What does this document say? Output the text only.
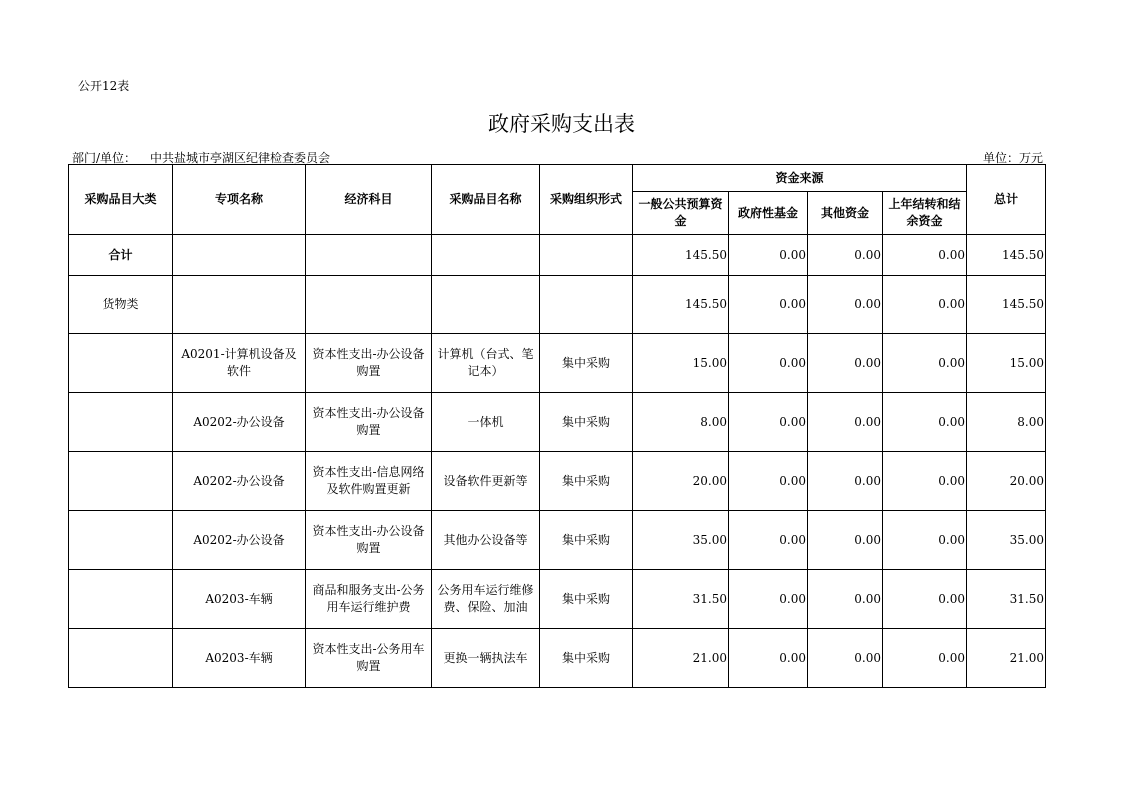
公开12表
政府采购支出表
部门/单位： 中共盐城市亭湖区纪律检查委员会	单位：万元
采购品目大类	专项名称	经济科目	采购品目名称	采购组织形式	资金来源				总计
					一般公共预算资金	政府性基金	其他资金	上年结转和结余资金	
合计					145.50	0.00	0.00	0.00	145.50
货物类					145.50	0.00	0.00	0.00	145.50
	A0201-计算机设备及软件	资本性支出-办公设备购置	计算机（台式、笔记本）	集中采购	15.00	0.00	0.00	0.00	15.00
	A0202-办公设备	资本性支出-办公设备购置	一体机	集中采购	8.00	0.00	0.00	0.00	8.00
	A0202-办公设备	资本性支出-信息网络及软件购置更新	设备软件更新等	集中采购	20.00	0.00	0.00	0.00	20.00
	A0202-办公设备	资本性支出-办公设备购置	其他办公设备等	集中采购	35.00	0.00	0.00	0.00	35.00
	A0203-车辆	商品和服务支出-公务用车运行维护费	公务用车运行维修费、保险、加油	集中采购	31.50	0.00	0.00	0.00	31.50
	A0203-车辆	资本性支出-公务用车购置	更换一辆执法车	集中采购	21.00	0.00	0.00	0.00	21.00
